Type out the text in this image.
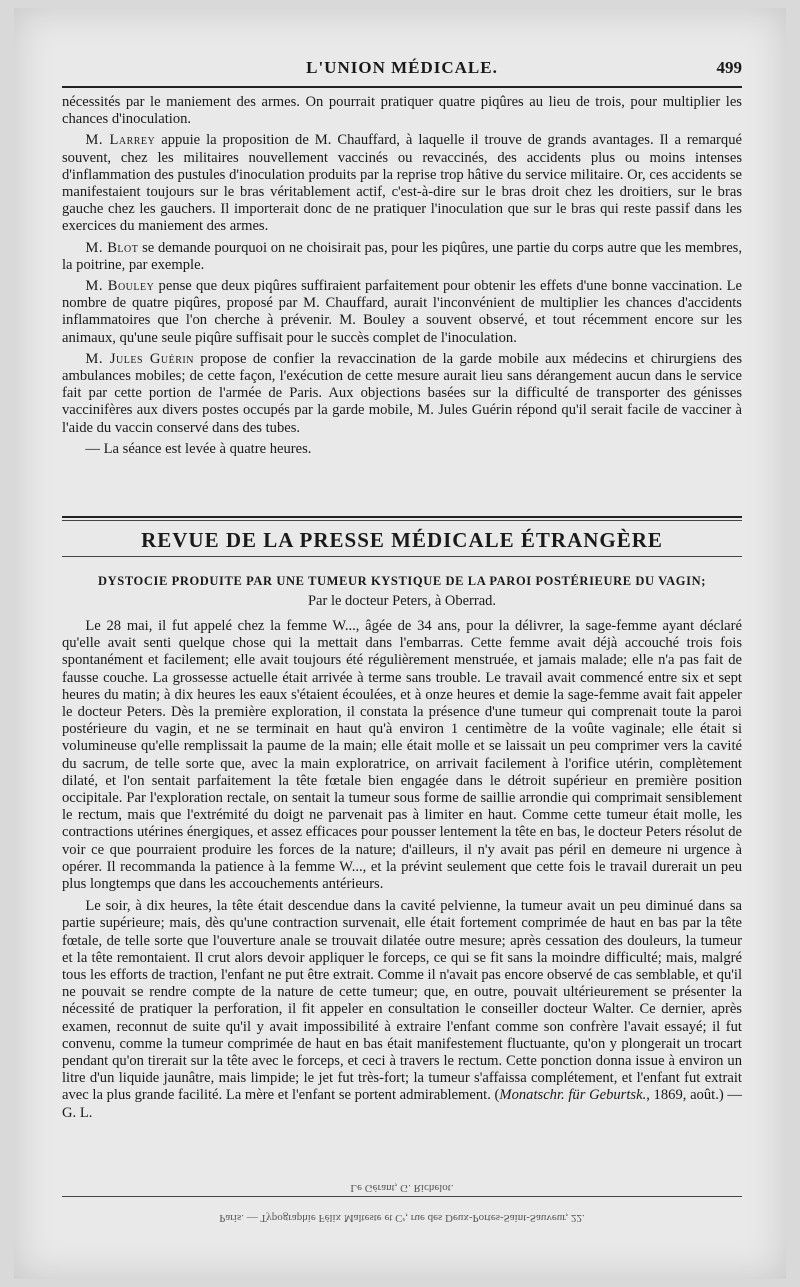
L'UNION MÉDICALE.	499

nécessités par le maniement des armes. On pourrait pratiquer quatre piqûres au lieu de trois, pour multiplier les chances d'inoculation.

M. Larrey appuie la proposition de M. Chauffard, à laquelle il trouve de grands avantages. Il a remarqué souvent, chez les militaires nouvellement vaccinés ou revaccinés, des accidents plus ou moins intenses d'inflammation des pustules d'inoculation produits par la reprise trop hâtive du service militaire. Or, ces accidents se manifestaient toujours sur le bras véritablement actif, c'est-à-dire sur le bras droit chez les droitiers, sur le bras gauche chez les gauchers. Il importerait donc de ne pratiquer l'inoculation que sur le bras qui reste passif dans les exercices du maniement des armes.

M. Blot se demande pourquoi on ne choisirait pas, pour les piqûres, une partie du corps autre que les membres, la poitrine, par exemple.

M. Bouley pense que deux piqûres suffiraient parfaitement pour obtenir les effets d'une bonne vaccination. Le nombre de quatre piqûres, proposé par M. Chauffard, aurait l'inconvénient de multiplier les chances d'accidents inflammatoires que l'on cherche à prévenir. M. Bouley a souvent observé, et tout récemment encore sur les animaux, qu'une seule piqûre suffisait pour le succès complet de l'inoculation.

M. Jules Guérin propose de confier la revaccination de la garde mobile aux médecins et chirurgiens des ambulances mobiles; de cette façon, l'exécution de cette mesure aurait lieu sans dérangement aucun dans le service fait par cette portion de l'armée de Paris. Aux objections basées sur la difficulté de transporter des génisses vaccinifères aux divers postes occupés par la garde mobile, M. Jules Guérin répond qu'il serait facile de vacciner à l'aide du vaccin conservé dans des tubes.

— La séance est levée à quatre heures.

REVUE DE LA PRESSE MÉDICALE ÉTRANGÈRE
DYSTOCIE PRODUITE PAR UNE TUMEUR KYSTIQUE DE LA PAROI POSTÉRIEURE DU VAGIN;
Par le docteur Peters, à Oberrad.

Le 28 mai, il fut appelé chez la femme W..., âgée de 34 ans, pour la délivrer, la sage-femme ayant déclaré qu'elle avait senti quelque chose qui la mettait dans l'embarras. Cette femme avait déjà accouché trois fois spontanément et facilement; elle avait toujours été régulièrement menstruée, et jamais malade; elle n'a pas fait de fausse couche. La grossesse actuelle était arrivée à terme sans trouble. Le travail avait commencé entre six et sept heures du matin; à dix heures les eaux s'étaient écoulées, et à onze heures et demie la sage-femme avait fait appeler le docteur Peters. Dès la première exploration, il constata la présence d'une tumeur qui comprenait toute la paroi postérieure du vagin, et ne se terminait en haut qu'à environ 1 centimètre de la voûte vaginale; elle était si volumineuse qu'elle remplissait la paume de la main; elle était molle et se laissait un peu comprimer vers la cavité du sacrum, de telle sorte que, avec la main exploratrice, on arrivait facilement à l'orifice utérin, complètement dilaté, et l'on sentait parfaitement la tête fœtale bien engagée dans le détroit supérieur en première position occipitale. Par l'exploration rectale, on sentait la tumeur sous forme de saillie arrondie qui comprimait sensiblement le rectum, mais que l'extrémité du doigt ne parvenait pas à limiter en haut. Comme cette tumeur était molle, les contractions utérines énergiques, et assez efficaces pour pousser lentement la tête en bas, le docteur Peters résolut de voir ce que pourraient produire les forces de la nature; d'ailleurs, il n'y avait pas péril en demeure ni urgence à opérer. Il recommanda la patience à la femme W..., et la prévint seulement que cette fois le travail durerait un peu plus longtemps que dans les accouchements antérieurs.

Le soir, à dix heures, la tête était descendue dans la cavité pelvienne, la tumeur avait un peu diminué dans sa partie supérieure; mais, dès qu'une contraction survenait, elle était fortement comprimée de haut en bas par la tête fœtale, de telle sorte que l'ouverture anale se trouvait dilatée outre mesure; après cessation des douleurs, la tumeur et la tête remontaient. Il crut alors devoir appliquer le forceps, ce qui se fit sans la moindre difficulté; mais, malgré tous les efforts de traction, l'enfant ne put être extrait. Comme il n'avait pas encore observé de cas semblable, et qu'il ne pouvait se rendre compte de la nature de cette tumeur; que, en outre, pouvait ultérieurement se présenter la nécessité de pratiquer la perforation, il fit appeler en consultation le conseiller docteur Walter. Ce dernier, après examen, reconnut de suite qu'il y avait impossibilité à extraire l'enfant comme son confrère l'avait essayé; il fut convenu, comme la tumeur comprimée de haut en bas était manifestement fluctuante, qu'on y plongerait un trocart pendant qu'on tirerait sur la tête avec le forceps, et ceci à travers le rectum. Cette ponction donna issue à environ un litre d'un liquide jaunâtre, mais limpide; le jet fut très-fort; la tumeur s'affaissa complétement, et l'enfant fut extrait avec la plus grande facilité. La mère et l'enfant se portent admirablement. (Monatschr. für Geburtsk., 1869, août.) — G. L.

Le Gérant, G. Richelot.
Paris. — Typographie Félix Malteste et Cᵉ, rue des Deux-Portes-Saint-Sauveur, 22.
